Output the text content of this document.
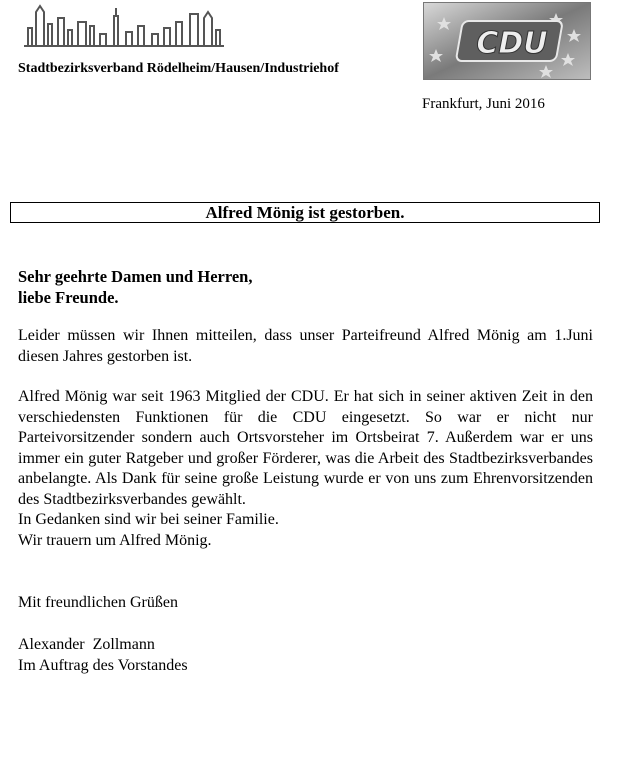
CDU
Stadtbezirksverband Rödelheim/Hausen/Industriehof
Frankfurt, Juni 2016
Alfred Mönig ist gestorben.
Sehr geehrte Damen und Herren,
liebe Freunde.
Leider müssen wir Ihnen mitteilen, dass unser Parteifreund Alfred Mönig am 1.Juni diesen Jahres gestorben ist.
Alfred Mönig war seit 1963 Mitglied der CDU. Er hat sich in seiner aktiven Zeit in den verschiedensten Funktionen für die CDU eingesetzt. So war er nicht nur Parteivorsitzender sondern auch Ortsvorsteher im Ortsbeirat 7. Außerdem war er uns immer ein guter Ratgeber und großer Förderer, was die Arbeit des Stadtbezirksverbandes anbelangte. Als Dank für seine große Leistung wurde er von uns zum Ehrenvorsitzenden des Stadtbezirksverbandes gewählt.
In Gedanken sind wir bei seiner Familie.
Wir trauern um Alfred Mönig.
Mit freundlichen Grüßen
Alexander  Zollmann
Im Auftrag des Vorstandes
